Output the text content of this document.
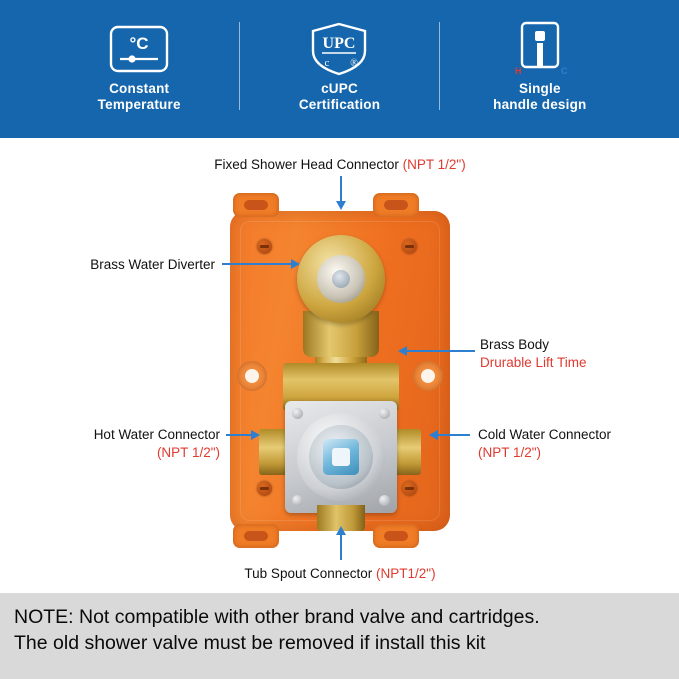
°C
Constant
Temperature
UPC
c ®
cUPC
Certification
H	C
Single
handle design
Fixed Shower Head Connector (NPT 1/2")
Brass Water Diverter
Brass Body
Drurable Lift Time
Hot Water Connector
(NPT 1/2")
Cold Water Connector
(NPT 1/2")
Tub Spout Connector (NPT1/2")

NOTE: Not compatible with other brand valve and cartridges.

The old shower valve must be removed if install this kit
